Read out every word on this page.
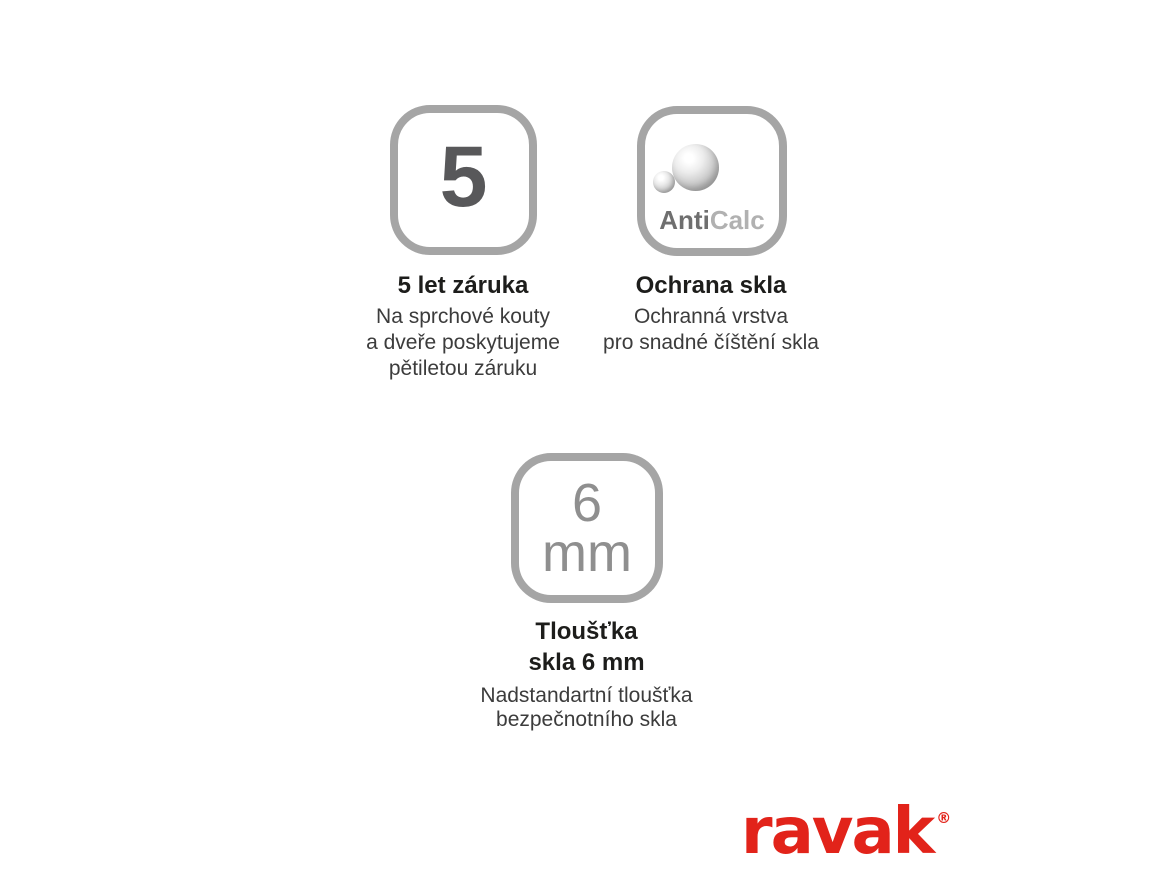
5
5 let záruka

Na sprchové kouty

a dveře poskytujeme

pětiletou záruku

AntiCalc
Ochrana skla

Ochranná vrstva

pro snadné číštění skla

6
mm
Tloušťka
skla 6 mm

Nadstandartní tloušťka

bezpečnotního skla

ravak ®
